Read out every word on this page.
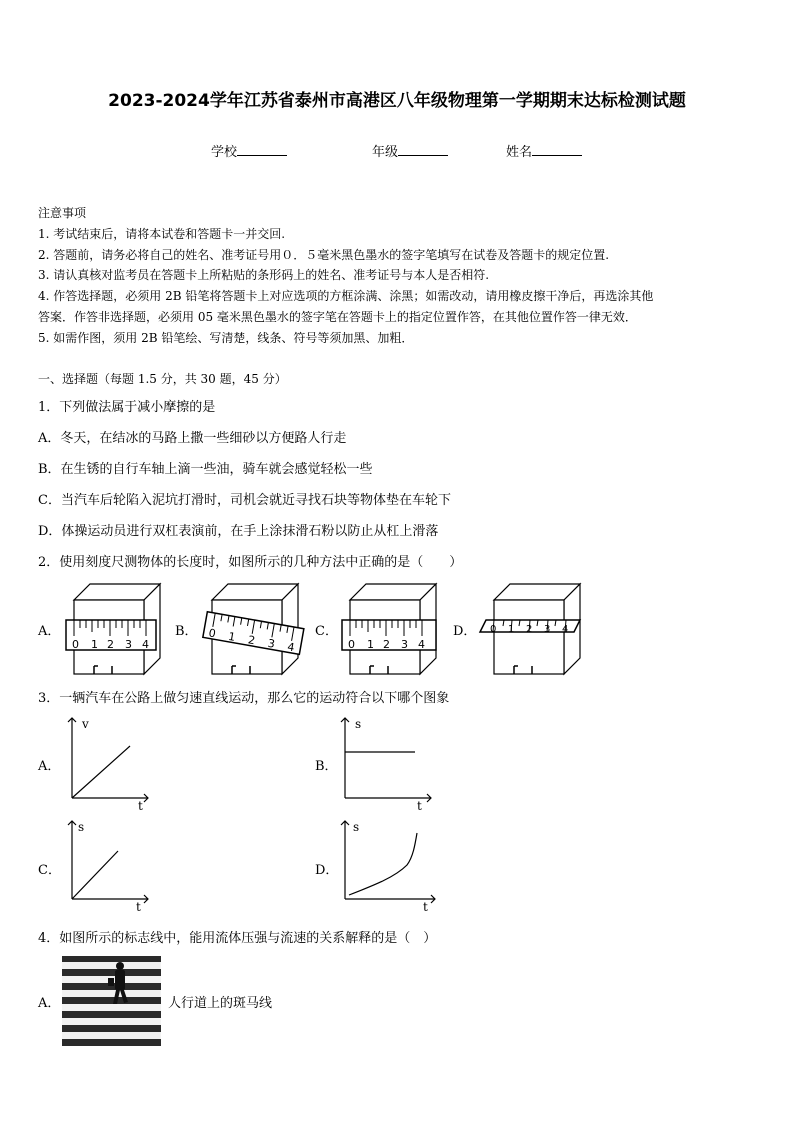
2023-2024学年江苏省泰州市高港区八年级物理第一学期期末达标检测试题
学校	年级	姓名
注意事项
1. 考试结束后，请将本试卷和答题卡一并交回.
2. 答题前，请务必将自己的姓名、准考证号用０．５毫米黑色墨水的签字笔填写在试卷及答题卡的规定位置.
3. 请认真核对监考员在答题卡上所粘贴的条形码上的姓名、准考证号与本人是否相符.
4. 作答选择题，必须用 2B 铅笔将答题卡上对应选项的方框涂满、涂黑；如需改动，请用橡皮擦干净后，再选涂其他
答案．作答非选择题，必须用 05 毫米黑色墨水的签字笔在答题卡上的指定位置作答，在其他位置作答一律无效．
5. 如需作图，须用 2B 铅笔绘、写清楚，线条、符号等须加黑、加粗．
一、选择题（每题 1.5 分，共 30 题，45 分）
1．下列做法属于减小摩擦的是
A．冬天，在结冰的马路上撒一些细砂以方便路人行走
B．在生锈的自行车轴上滴一些油，骑车就会感觉轻松一些
C．当汽车后轮陷入泥坑打滑时，司机会就近寻找石块等物体垫在车轮下
D．体操运动员进行双杠表演前，在手上涂抹滑石粉以防止从杠上滑落
2．使用刻度尺测物体的长度时，如图所示的几种方法中正确的是（　　）
A．	B．	C．	D．
0 1 2 3 4
0 1 2 3 4	0 1 2 3 4
0 1 2 3 4
3．一辆汽车在公路上做匀速直线运动，那么它的运动符合以下哪个图象
A．	B．
C．	D．
v
t
s
t
s
t
s
t
4．如图所示的标志线中，能用流体压强与流速的关系解释的是（　）
A．	人行道上的斑马线
